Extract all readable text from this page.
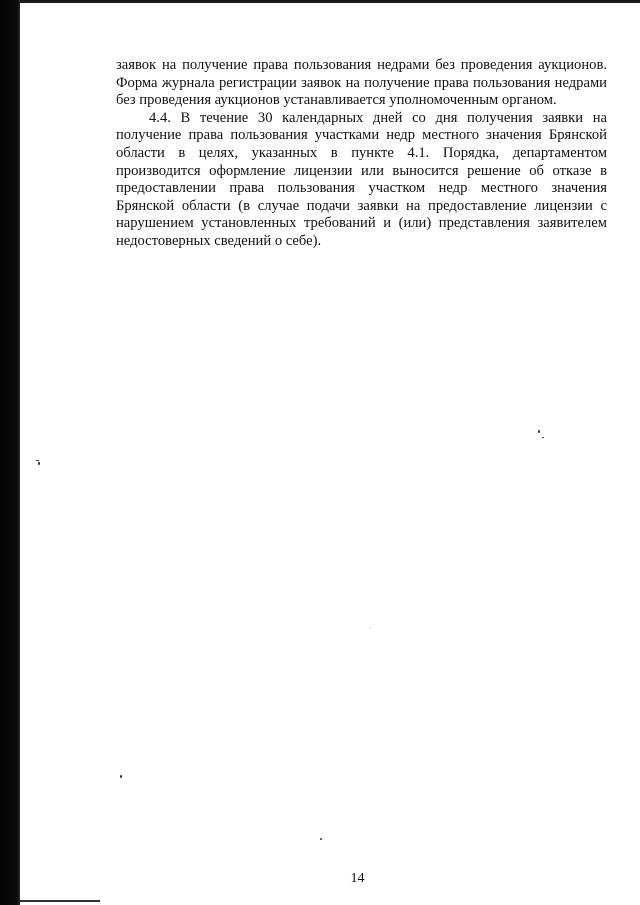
заявок на получение права пользования недрами без проведения аукционов. Форма журнала регистрации заявок на получение права пользования недрами без проведения аукционов устанавливается уполномоченным органом.

4.4. В течение 30 календарных дней со дня получения заявки на получение права пользования участками недр местного значения Брянской области в целях, указанных в пункте 4.1. Порядка, департаментом производится оформление лицензии или выносится решение об отказе в предоставлении права пользования участком недр местного значения Брянской области (в случае подачи заявки на предоставление лицензии с нарушением установленных требований и (или) представления заявителем недостоверных сведений о себе).

14
